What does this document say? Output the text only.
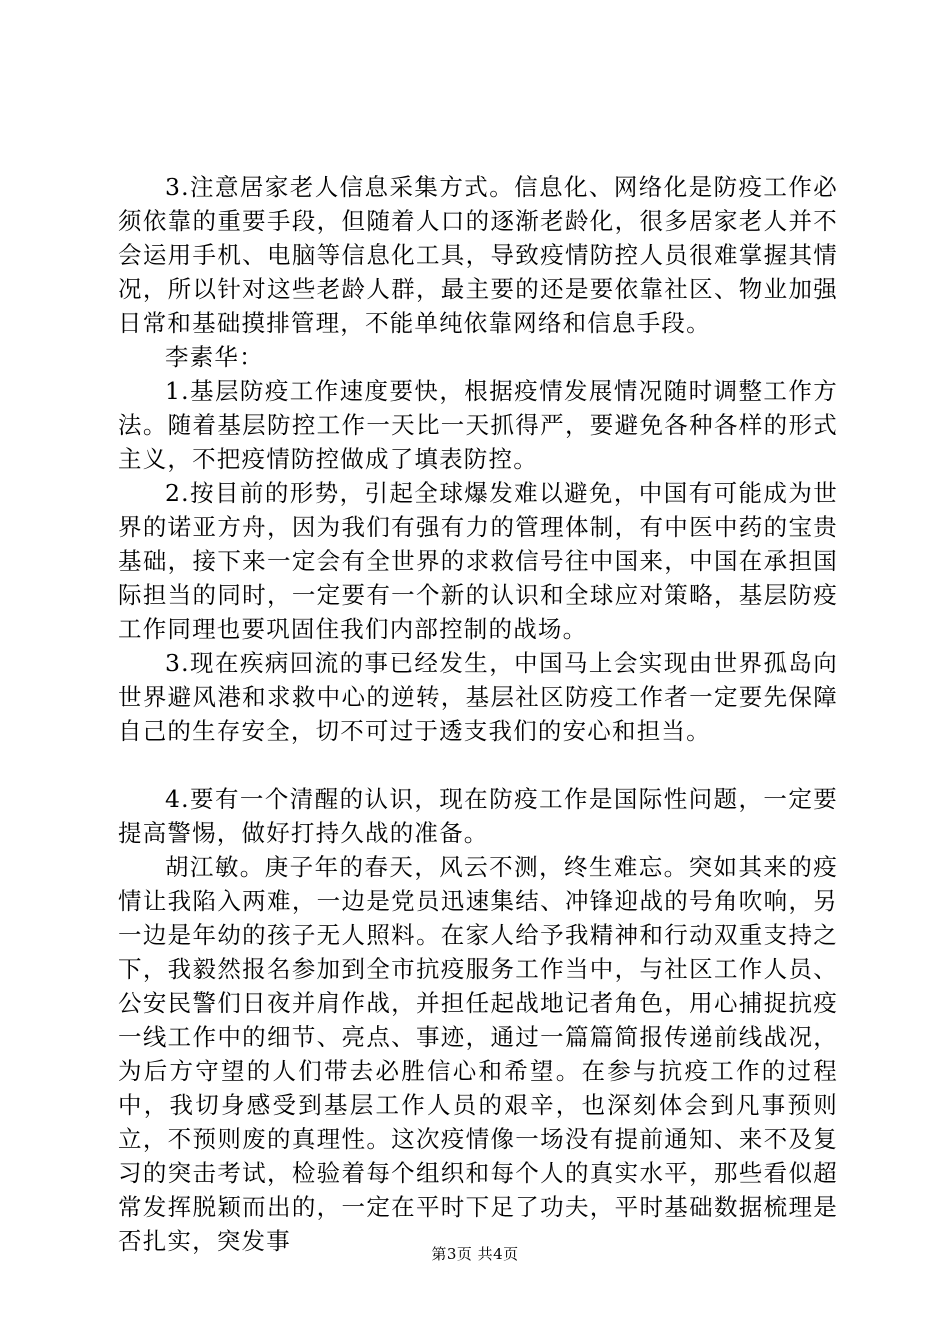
3.注意居家老人信息采集方式。信息化、网络化是防疫工作必须依靠的重要手段，但随着人口的逐渐老龄化，很多居家老人并不会运用手机、电脑等信息化工具，导致疫情防控人员很难掌握其情况，所以针对这些老龄人群，最主要的还是要依靠社区、物业加强日常和基础摸排管理，不能单纯依靠网络和信息手段。

李素华：

1.基层防疫工作速度要快，根据疫情发展情况随时调整工作方法。随着基层防控工作一天比一天抓得严，要避免各种各样的形式主义，不把疫情防控做成了填表防控。

2.按目前的形势，引起全球爆发难以避免，中国有可能成为世界的诺亚方舟，因为我们有强有力的管理体制，有中医中药的宝贵基础，接下来一定会有全世界的求救信号往中国来，中国在承担国际担当的同时，一定要有一个新的认识和全球应对策略，基层防疫工作同理也要巩固住我们内部控制的战场。

3.现在疾病回流的事已经发生，中国马上会实现由世界孤岛向世界避风港和求救中心的逆转，基层社区防疫工作者一定要先保障自己的生存安全，切不可过于透支我们的安心和担当。

4.要有一个清醒的认识，现在防疫工作是国际性问题，一定要提高警惕，做好打持久战的准备。

胡江敏。庚子年的春天，风云不测，终生难忘。突如其来的疫情让我陷入两难，一边是党员迅速集结、冲锋迎战的号角吹响，另一边是年幼的孩子无人照料。在家人给予我精神和行动双重支持之下，我毅然报名参加到全市抗疫服务工作当中，与社区工作人员、公安民警们日夜并肩作战，并担任起战地记者角色，用心捕捉抗疫一线工作中的细节、亮点、事迹，通过一篇篇简报传递前线战况，为后方守望的人们带去必胜信心和希望。在参与抗疫工作的过程中，我切身感受到基层工作人员的艰辛，也深刻体会到凡事预则立，不预则废的真理性。这次疫情像一场没有提前通知、来不及复习的突击考试，检验着每个组织和每个人的真实水平，那些看似超常发挥脱颖而出的，一定在平时下足了功夫，平时基础数据梳理是否扎实，突发事	第3页 共4页
